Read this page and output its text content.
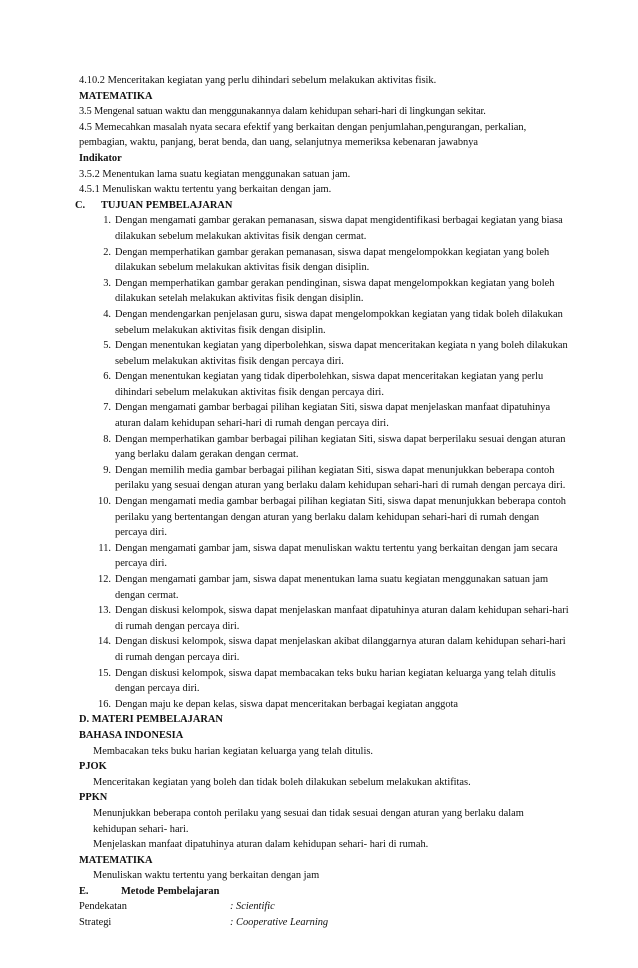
4.10.2 Menceritakan kegiatan yang perlu dihindari sebelum melakukan aktivitas fisik.
MATEMATIKA
3.5 Mengenal satuan waktu dan menggunakannya dalam kehidupan sehari-hari di lingkungan sekitar.
4.5 Memecahkan masalah nyata secara efektif yang berkaitan dengan penjumlahan,pengurangan, perkalian, pembagian, waktu, panjang, berat benda, dan uang, selanjutnya memeriksa kebenaran jawabnya
Indikator
3.5.2 Menentukan lama suatu kegiatan menggunakan satuan jam.
4.5.1 Menuliskan waktu tertentu yang berkaitan dengan jam.
C. TUJUAN PEMBELAJARAN
1. Dengan mengamati gambar gerakan pemanasan, siswa dapat mengidentifikasi berbagai kegiatan yang biasa dilakukan sebelum melakukan aktivitas fisik dengan cermat.
2. Dengan memperhatikan gambar gerakan pemanasan, siswa dapat mengelompokkan kegiatan yang boleh dilakukan sebelum melakukan aktivitas fisik dengan disiplin.
3. Dengan memperhatikan gambar gerakan pendinginan, siswa dapat mengelompokkan kegiatan yang boleh dilakukan setelah melakukan aktivitas fisik dengan disiplin.
4. Dengan mendengarkan penjelasan guru, siswa dapat mengelompokkan kegiatan yang tidak boleh dilakukan sebelum melakukan aktivitas fisik dengan disiplin.
5. Dengan menentukan kegiatan yang diperbolehkan, siswa dapat menceritakan kegiata n yang boleh dilakukan sebelum melakukan aktivitas fisik dengan percaya diri.
6. Dengan menentukan kegiatan yang tidak diperbolehkan, siswa dapat menceritakan kegiatan yang perlu dihindari sebelum melakukan aktivitas fisik dengan percaya diri.
7. Dengan mengamati gambar berbagai pilihan kegiatan Siti, siswa dapat menjelaskan manfaat dipatuhinya aturan dalam kehidupan sehari-hari di rumah dengan percaya diri.
8. Dengan memperhatikan gambar berbagai pilihan kegiatan Siti, siswa dapat berperilaku sesuai dengan aturan yang berlaku dalam gerakan dengan cermat.
9. Dengan memilih media gambar berbagai pilihan kegiatan Siti, siswa dapat menunjukkan beberapa contoh perilaku yang sesuai dengan aturan yang berlaku dalam kehidupan sehari-hari di rumah dengan percaya diri.
10. Dengan mengamati media gambar berbagai pilihan kegiatan Siti, siswa dapat menunjukkan beberapa contoh perilaku yang bertentangan dengan aturan yang berlaku dalam kehidupan sehari-hari di rumah dengan percaya diri.
11. Dengan mengamati gambar jam, siswa dapat menuliskan waktu tertentu yang berkaitan dengan jam secara percaya diri.
12. Dengan mengamati gambar jam, siswa dapat menentukan lama suatu kegiatan menggunakan satuan jam dengan cermat.
13. Dengan diskusi kelompok, siswa dapat menjelaskan manfaat dipatuhinya aturan dalam kehidupan sehari-hari di rumah dengan percaya diri.
14. Dengan diskusi kelompok, siswa dapat menjelaskan akibat dilanggarnya aturan dalam kehidupan sehari-hari di rumah dengan percaya diri.
15. Dengan diskusi kelompok, siswa dapat membacakan teks buku harian kegiatan keluarga yang telah ditulis dengan percaya diri.
16. Dengan maju ke depan kelas, siswa dapat menceritakan berbagai kegiatan anggota
D. MATERI PEMBELAJARAN
BAHASA INDONESIA
Membacakan teks buku harian kegiatan keluarga yang telah ditulis.
PJOK
Menceritakan kegiatan yang boleh dan tidak boleh dilakukan sebelum melakukan aktifitas.
PPKN
Menunjukkan beberapa contoh perilaku yang sesuai dan tidak sesuai dengan aturan yang berlaku dalam kehidupan sehari- hari.
Menjelaskan manfaat dipatuhinya aturan dalam kehidupan sehari- hari di rumah.
MATEMATIKA
Menuliskan waktu tertentu yang berkaitan dengan jam
E.	Metode Pembelajaran
Pendekatan	: Scientific
Strategi	: Cooperative Learning
